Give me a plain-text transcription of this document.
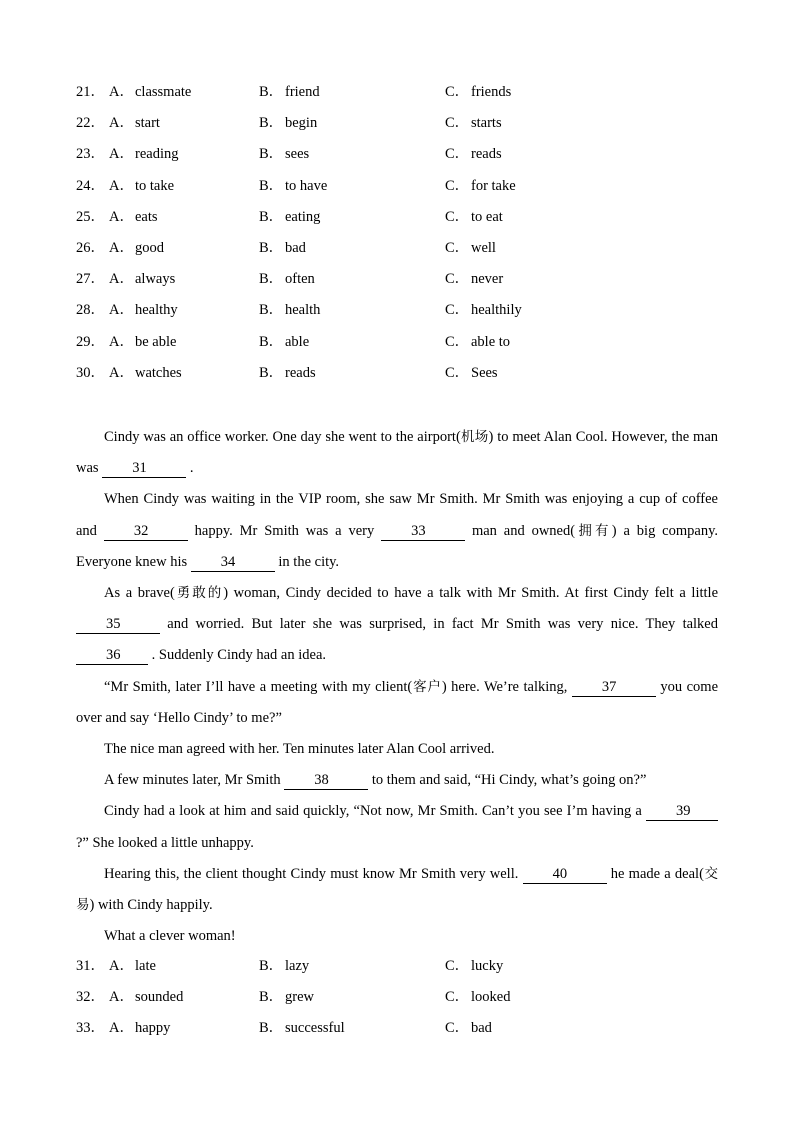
21． A．classmate	B． friend	C． friends
22． A．start	B． begin	C． starts
23． A．reading	B． sees	C． reads
24． A．to take	B． to have	C． for take
25． A．eats	B． eating	C． to eat
26． A．good	B． bad	C． well
27． A．always	B． often	C． never
28． A．healthy	B． health	C． healthily
29． A．be able	B． able	C． able to
30． A．watches	B． reads	C． Sees

Cindy was an office worker. One day she went to the airport(机场) to meet Alan Cool. However, the man was 31	.

When Cindy was waiting in the VIP room, she saw Mr Smith. Mr Smith was enjoying a cup of coffee and 32	happy. Mr Smith was a very 33	man and owned(拥有) a big company. Everyone knew his 34	in the city.

As a brave(勇敢的) woman, Cindy decided to have a talk with Mr Smith. At first Cindy felt a little 35	and worried. But later she was surprised, in fact Mr Smith was very nice. They talked 36 . Suddenly Cindy had an idea.

“Mr Smith, later I’ll have a meeting with my client(客户) here. We’re talking, 37	you come over and say ‘Hello Cindy’ to me?”

The nice man agreed with her. Ten minutes later Alan Cool arrived.

A few minutes later, Mr Smith 38	to them and said, “Hi Cindy, what’s going on?”

Cindy had a look at him and said quickly, “Not now, Mr Smith. Can’t you see I’m having a 39 ?” She looked a little unhappy.

Hearing this, the client thought Cindy must know Mr Smith very well. 40	he made a deal(交易) with Cindy happily.

What a clever woman!

31． A．late	B． lazy	C． lucky
32． A．sounded	B． grew	C． looked
33． A．happy	B． successful	C． bad
